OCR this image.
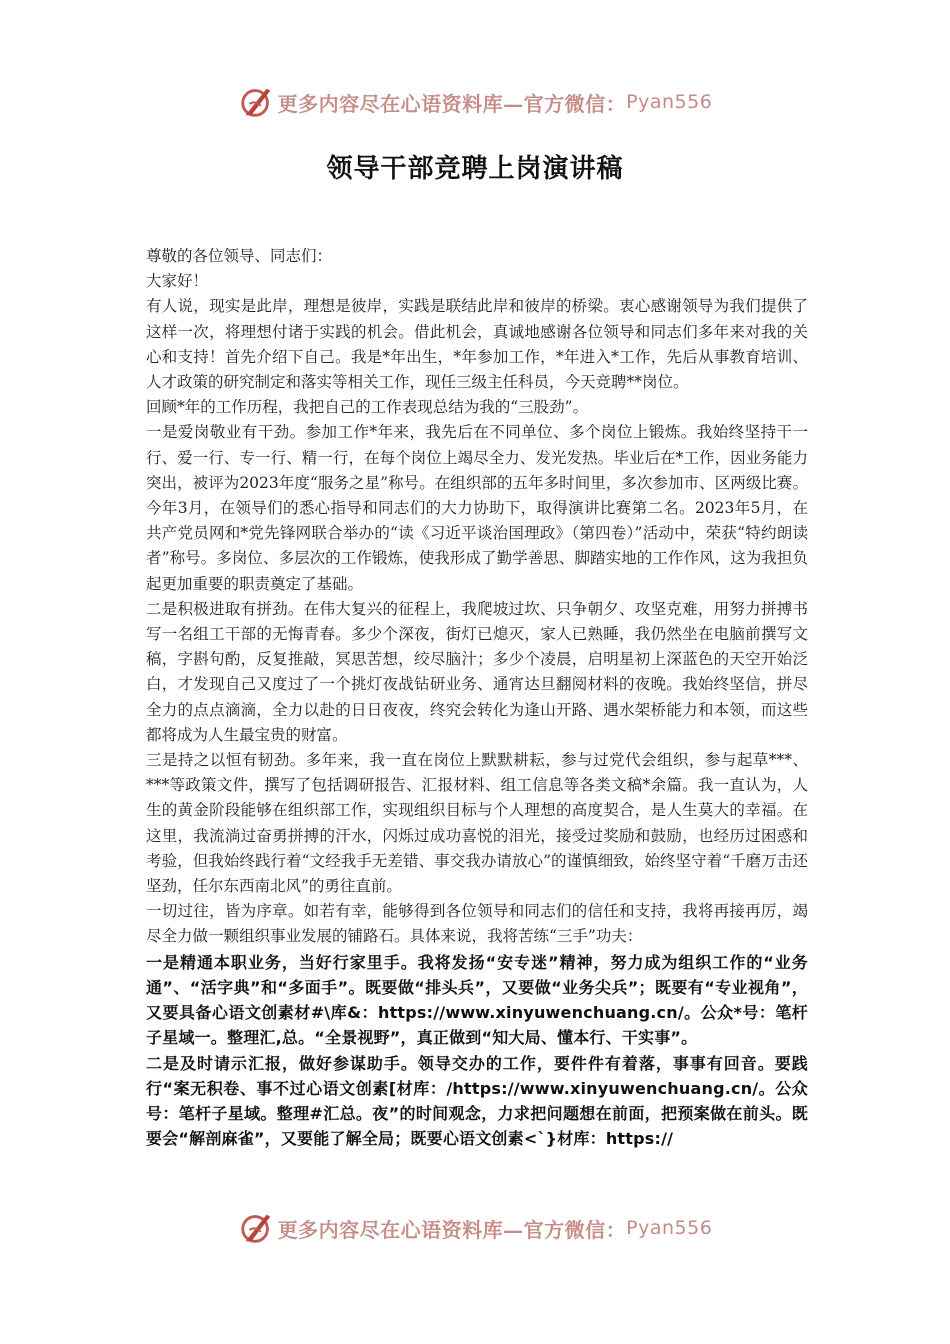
更多内容尽在心语资料库—官方微信： Pyan556
领导干部竞聘上岗演讲稿

尊敬的各位领导、同志们：

大家好！

有人说，现实是此岸，理想是彼岸，实践是联结此岸和彼岸的桥梁。衷心感谢领导为我们提供了这样一次，将理想付诸于实践的机会。借此机会，真诚地感谢各位领导和同志们多年来对我的关心和支持！首先介绍下自己。我是*年出生，*年参加工作，*年进入*工作，先后从事教育培训、人才政策的研究制定和落实等相关工作，现任三级主任科员，今天竞聘**岗位。

回顾*年的工作历程，我把自己的工作表现总结为我的“三股劲”。

一是爱岗敬业有干劲。参加工作*年来，我先后在不同单位、多个岗位上锻炼。我始终坚持干一行、爱一行、专一行、精一行，在每个岗位上竭尽全力、发光发热。毕业后在*工作，因业务能力突出，被评为2023年度“服务之星”称号。在组织部的五年多时间里，多次参加市、区两级比赛。今年3月，在领导们的悉心指导和同志们的大力协助下，取得演讲比赛第二名。2023年5月，在共产党员网和*党先锋网联合举办的“读《习近平谈治国理政》（第四卷）”活动中，荣获“特约朗读者”称号。多岗位、多层次的工作锻炼，使我形成了勤学善思、脚踏实地的工作作风，这为我担负起更加重要的职责奠定了基础。

二是积极进取有拼劲。在伟大复兴的征程上，我爬坡过坎、只争朝夕、攻坚克难，用努力拼搏书写一名组工干部的无悔青春。多少个深夜，街灯已熄灭，家人已熟睡，我仍然坐在电脑前撰写文稿，字斟句酌，反复推敲，冥思苦想，绞尽脑汁；多少个凌晨，启明星初上深蓝色的天空开始泛白，才发现自己又度过了一个挑灯夜战钻研业务、通宵达旦翻阅材料的夜晚。我始终坚信，拼尽全力的点点滴滴，全力以赴的日日夜夜，终究会转化为逢山开路、遇水架桥能力和本领，而这些都将成为人生最宝贵的财富。

三是持之以恒有韧劲。多年来，我一直在岗位上默默耕耘，参与过党代会组织，参与起草***、***等政策文件，撰写了包括调研报告、汇报材料、组工信息等各类文稿*余篇。我一直认为，人生的黄金阶段能够在组织部工作，实现组织目标与个人理想的高度契合，是人生莫大的幸福。在这里，我流淌过奋勇拼搏的汗水，闪烁过成功喜悦的泪光，接受过奖励和鼓励，也经历过困惑和考验，但我始终践行着“文经我手无差错、事交我办请放心”的谨慎细致，始终坚守着“千磨万击还坚劲，任尔东西南北风”的勇往直前。

一切过往，皆为序章。如若有幸，能够得到各位领导和同志们的信任和支持，我将再接再厉，竭尽全力做一颗组织事业发展的铺路石。具体来说，我将苦练“三手”功夫：

一是精通本职业务，当好行家里手。我将发扬“安专迷”精神，努力成为组织工作的“业务通”、“活字典”和“多面手”。既要做“排头兵”，又要做“业务尖兵”；既要有“专业视角”，又要具备心语文创素材#\库&：https://www.xinyuwenchuang.cn/。公众*号：笔杆子星域一。整理汇,总。“全景视野”，真正做到“知大局、懂本行、干实事”。

二是及时请示汇报，做好参谋助手。领导交办的工作，要件件有着落，事事有回音。要践行“案无积卷、事不过心语文创素[材库：/https://www.xinyuwenchuang.cn/。公众号：笔杆子星域。整理#汇总。夜”的时间观念，力求把问题想在前面，把预案做在前头。既要会“解剖麻雀”，又要能了解全局；既要心语文创素<`}材库：https://

更多内容尽在心语资料库—官方微信： Pyan556
